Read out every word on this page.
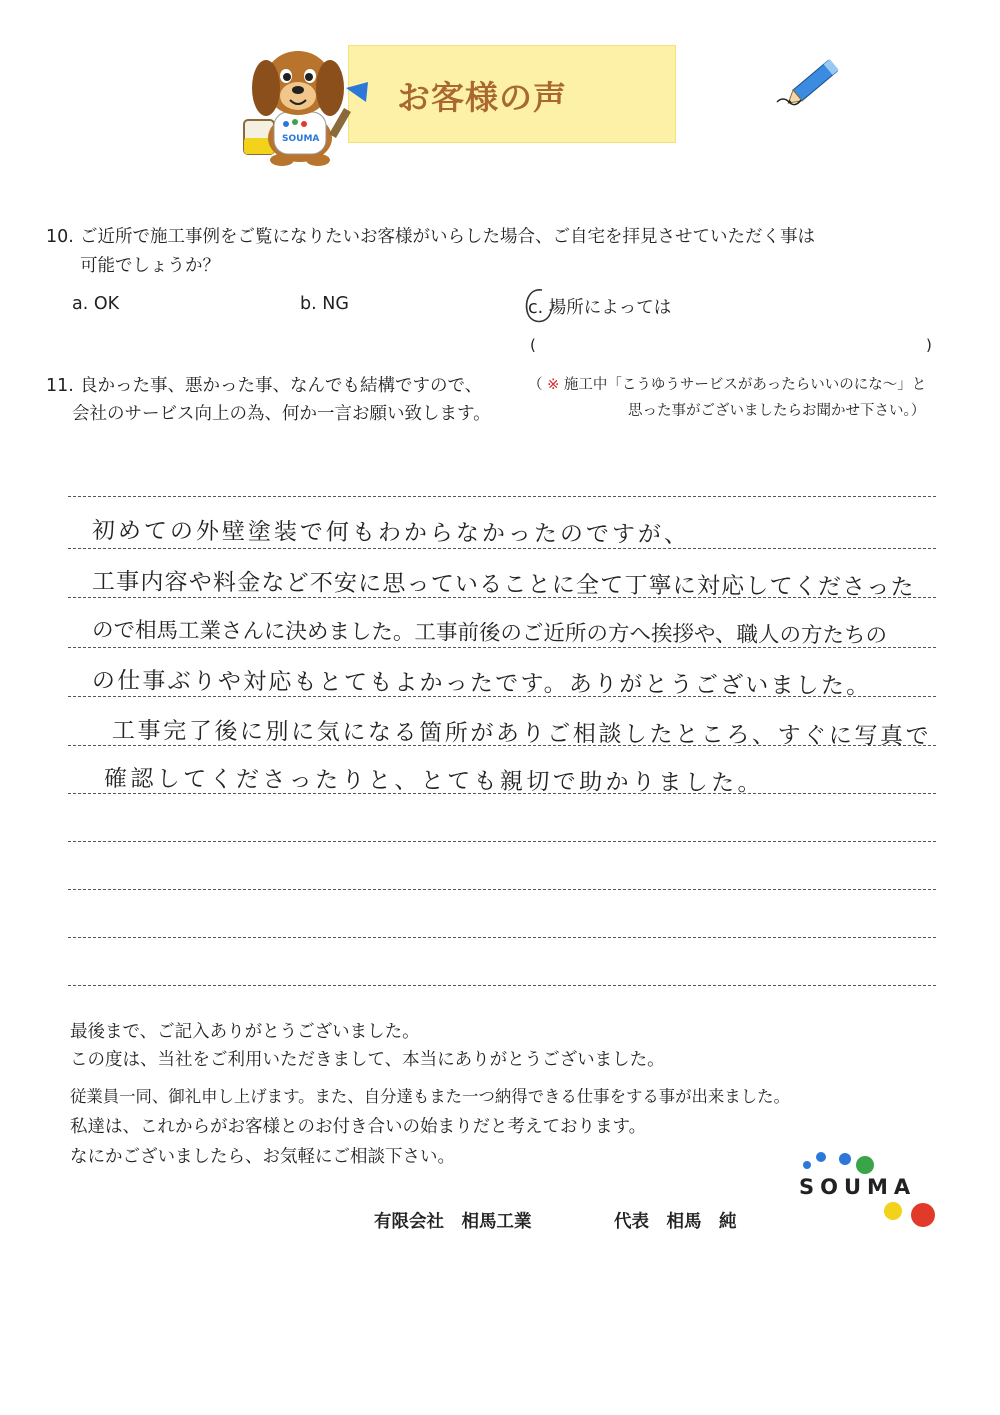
お客様の声
SOUMA
10. ご近所で施工事例をご覧になりたいお客様がいらした場合、ご自宅を拝見させていただく事は
可能でしょうか？
a. OK	b. NG	c. 場所によっては
(	)
11. 良かった事、悪かった事、なんでも結構ですので、
会社のサービス向上の為、何か一言お願い致します。
（ ※ 施工中「こうゆうサービスがあったらいいのにな～」と
思った事がございましたらお聞かせ下さい。）
初めての外壁塗装で何もわからなかったのですが、
工事内容や料金など不安に思っていることに全て丁寧に対応してくださった
ので相馬工業さんに決めました。工事前後のご近所の方へ挨拶や、職人の方たちの
の仕事ぶりや対応もとてもよかったです。ありがとうございました。
工事完了後に別に気になる箇所がありご相談したところ、すぐに写真で
確認してくださったりと、とても親切で助かりました。
最後まで、ご記入ありがとうございました。
この度は、当社をご利用いただきまして、本当にありがとうございました。
従業員一同、御礼申し上げます。また、自分達もまた一つ納得できる仕事をする事が出来ました。
私達は、これからがお客様とのお付き合いの始まりだと考えております。
なにかございましたら、お気軽にご相談下さい。
有限会社　相馬工業	代表　相馬　純
SOUMA
